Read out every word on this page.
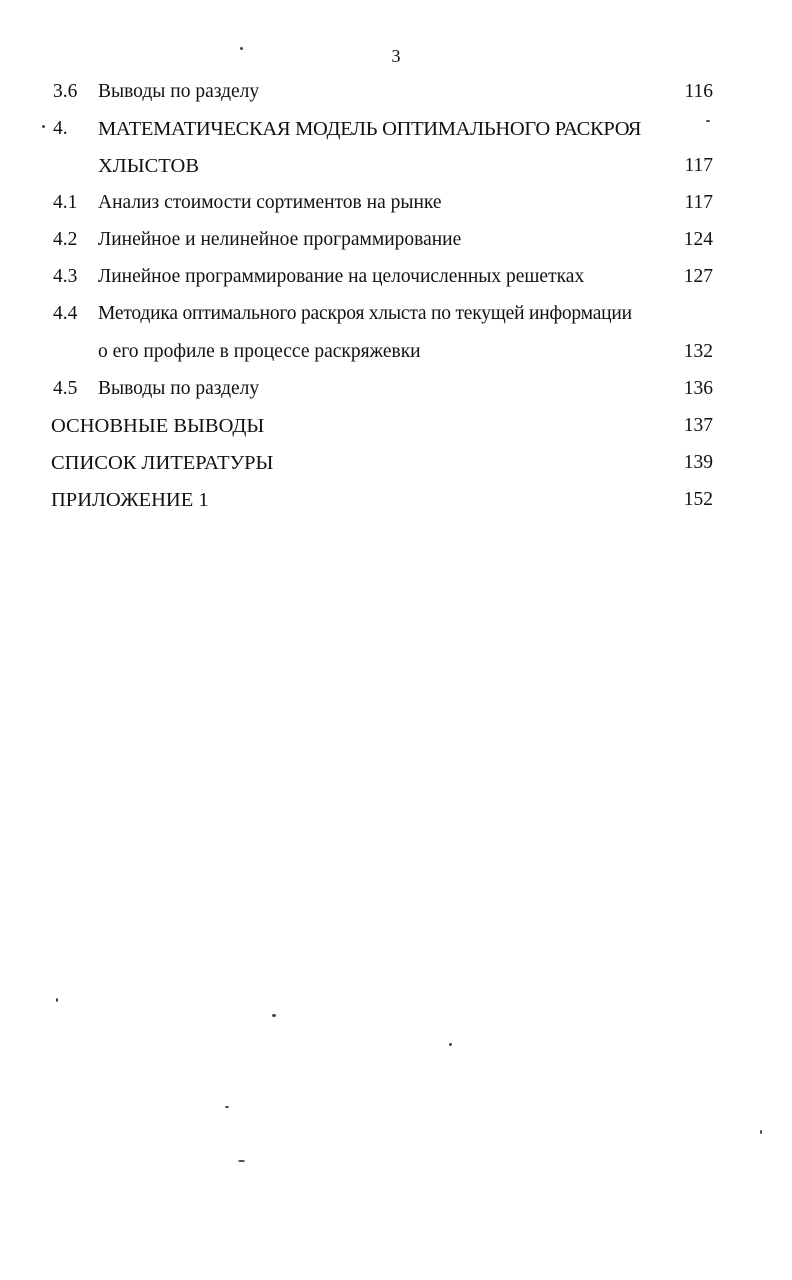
3
3.6 Выводы по разделу	116
4. МАТЕМАТИЧЕСКАЯ МОДЕЛЬ ОПТИМАЛЬНОГО РАСКРОЯ
ХЛЫСТОВ	117
4.1 Анализ стоимости сортиментов на рынке	117
4.2 Линейное и нелинейное программирование	124
4.3 Линейное программирование на целочисленных решетках	127
4.4 Методика оптимального раскроя хлыста по текущей информации
о его профиле в процессе раскряжевки	132
4.5 Выводы по разделу	136
ОСНОВНЫЕ ВЫВОДЫ	137
СПИСОК ЛИТЕРАТУРЫ	139
ПРИЛОЖЕНИЕ 1	152
